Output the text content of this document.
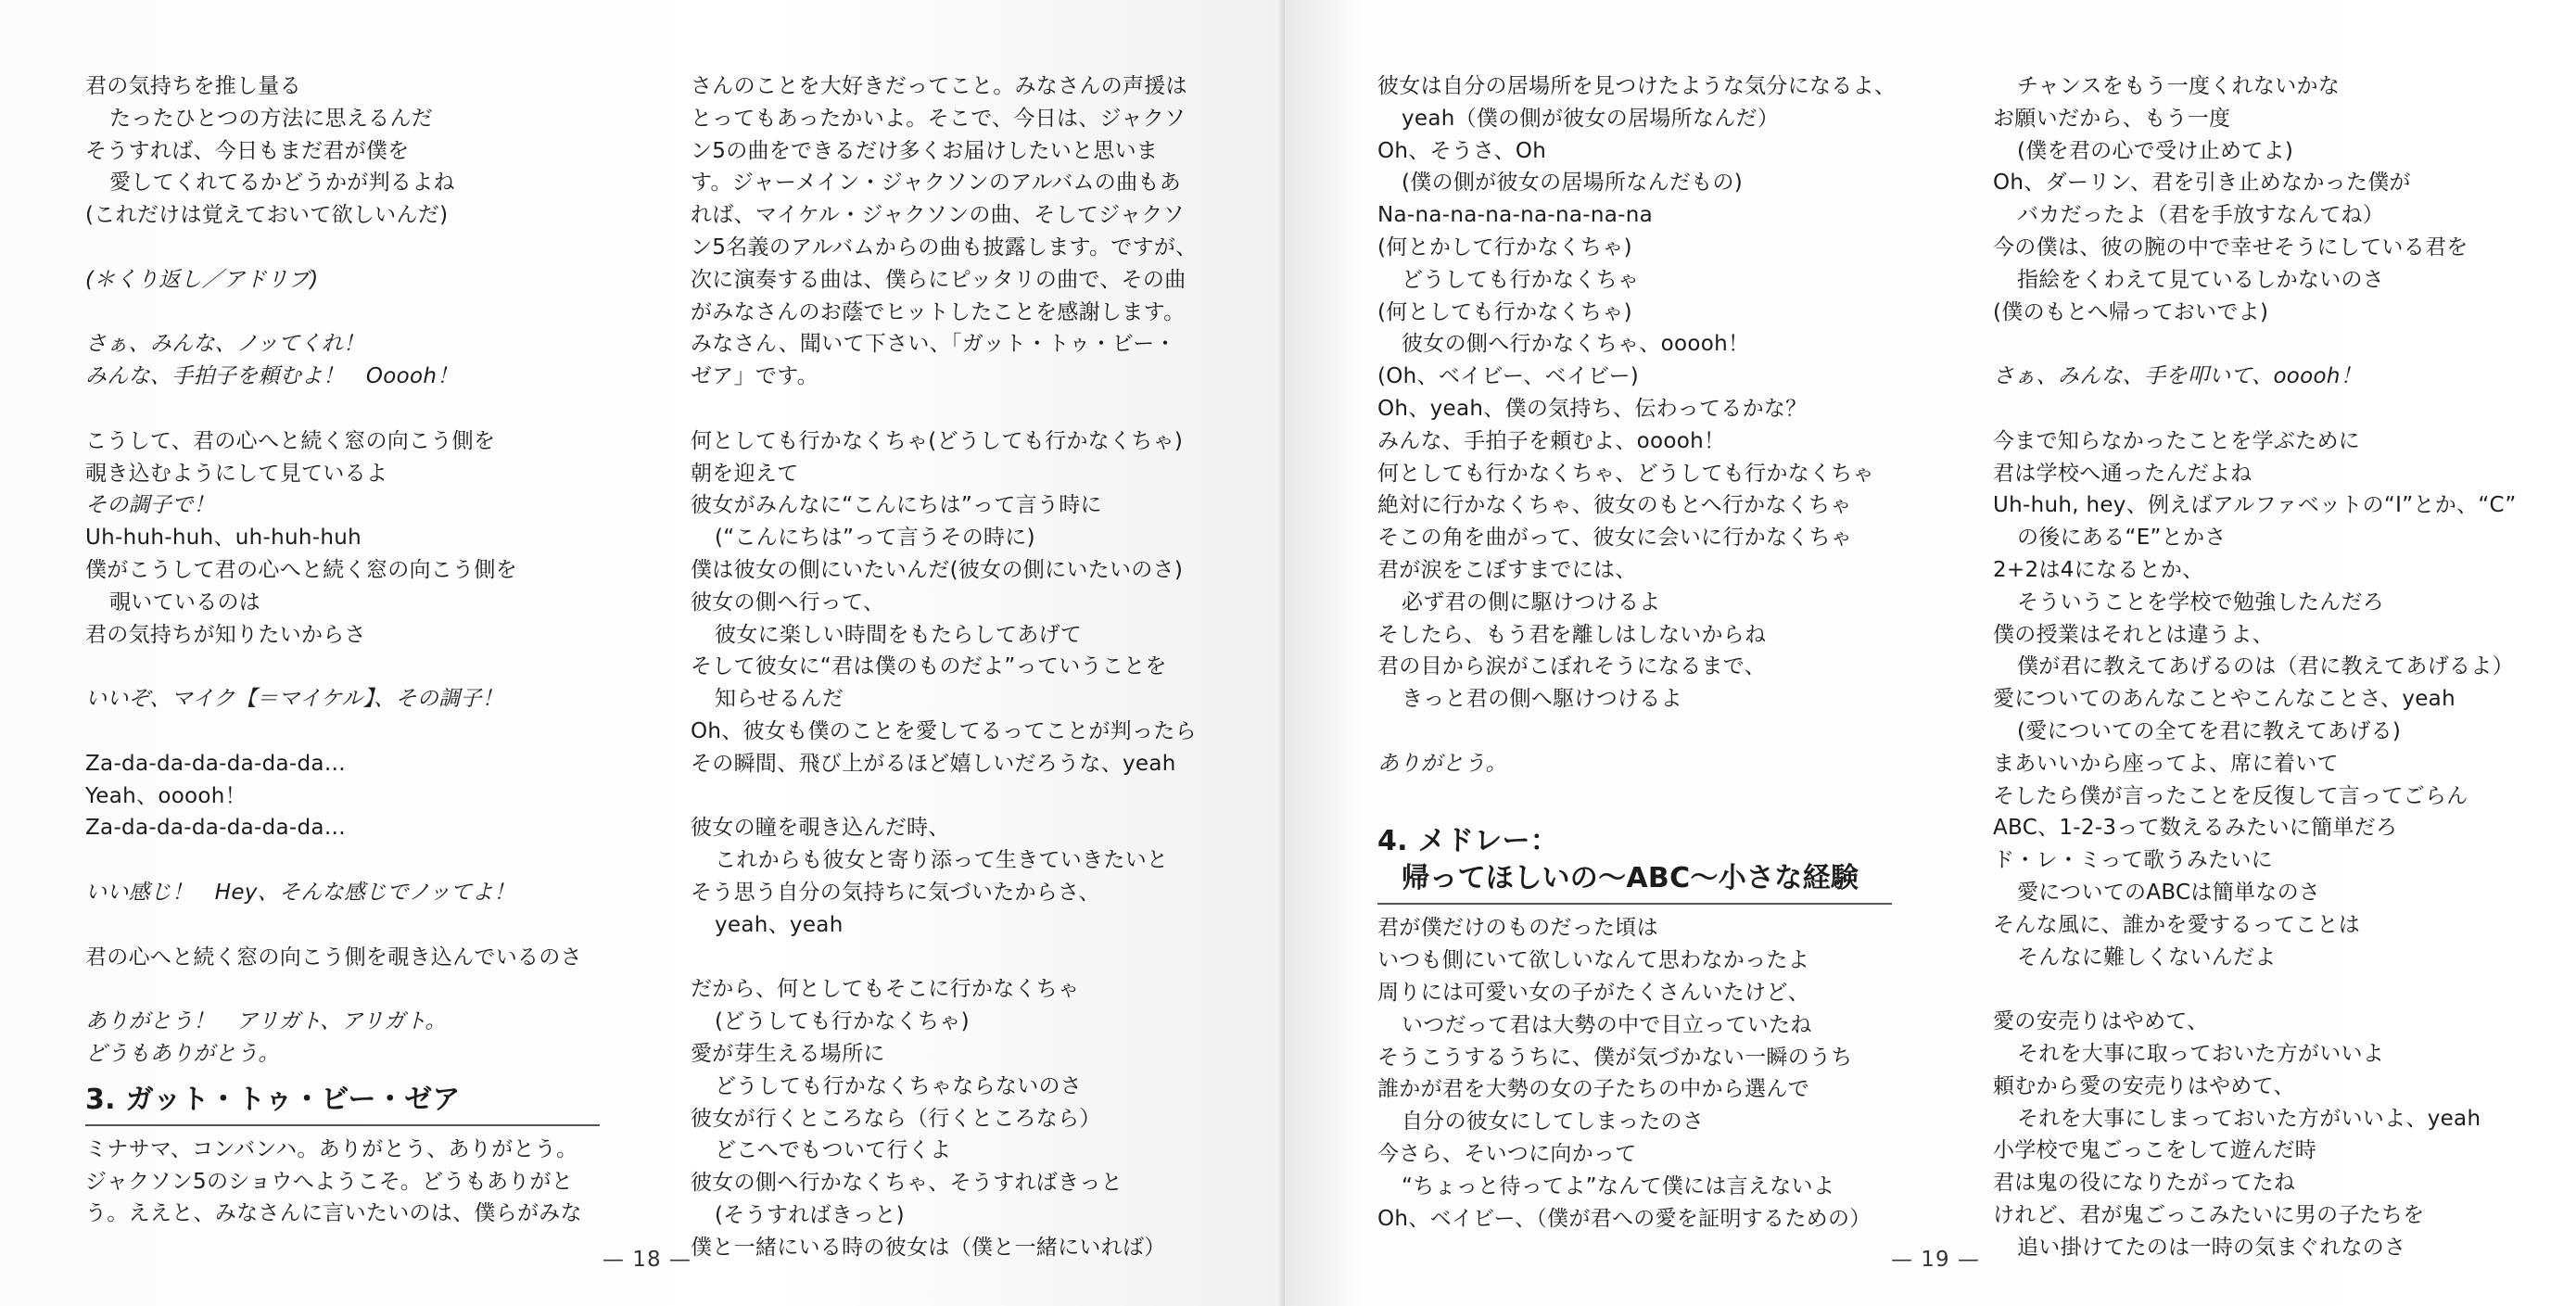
君の気持ちを推し量る
たったひとつの方法に思えるんだ
そうすれば、今日もまだ君が僕を
愛してくれてるかどうかが判るよね
(これだけは覚えておいて欲しいんだ)
(＊くり返し／アドリブ)
さぁ、みんな、ノッてくれ！
みんな、手拍子を頼むよ！　Ooooh！
こうして、君の心へと続く窓の向こう側を
覗き込むようにして見ているよ
その調子で！
Uh-huh-huh、uh-huh-huh
僕がこうして君の心へと続く窓の向こう側を
覗いているのは
君の気持ちが知りたいからさ
いいぞ、マイク【＝マイケル】、その調子！
Za-da-da-da-da-da-da…
Yeah、ooooh！
Za-da-da-da-da-da-da…
いい感じ！　Hey、そんな感じでノッてよ！
君の心へと続く窓の向こう側を覗き込んでいるのさ
ありがとう！　アリガト、アリガト。
どうもありがとう。
3. ガット・トゥ・ビー・ゼア
ミナサマ、コンバンハ。ありがとう、ありがとう。
ジャクソン5のショウへようこそ。どうもありがと
う。ええと、みなさんに言いたいのは、僕らがみな
さんのことを大好きだってこと。みなさんの声援は
とってもあったかいよ。そこで、今日は、ジャクソ
ン5の曲をできるだけ多くお届けしたいと思いま
す。ジャーメイン・ジャクソンのアルバムの曲もあ
れば、マイケル・ジャクソンの曲、そしてジャクソ
ン5名義のアルバムからの曲も披露します。ですが、
次に演奏する曲は、僕らにピッタリの曲で、その曲
がみなさんのお蔭でヒットしたことを感謝します。
みなさん、聞いて下さい、「ガット・トゥ・ビー・
ゼア」です。
何としても行かなくちゃ(どうしても行かなくちゃ)
朝を迎えて
彼女がみんなに“こんにちは”って言う時に
(“こんにちは”って言うその時に)
僕は彼女の側にいたいんだ(彼女の側にいたいのさ)
彼女の側へ行って、
彼女に楽しい時間をもたらしてあげて
そして彼女に“君は僕のものだよ”っていうことを
知らせるんだ
Oh、彼女も僕のことを愛してるってことが判ったら
その瞬間、飛び上がるほど嬉しいだろうな、yeah
彼女の瞳を覗き込んだ時、
これからも彼女と寄り添って生きていきたいと
そう思う自分の気持ちに気づいたからさ、
yeah、yeah
だから、何としてもそこに行かなくちゃ
(どうしても行かなくちゃ)
愛が芽生える場所に
どうしても行かなくちゃならないのさ
彼女が行くところなら（行くところなら）
どこへでもついて行くよ
彼女の側へ行かなくちゃ、そうすればきっと
(そうすればきっと)
僕と一緒にいる時の彼女は（僕と一緒にいれば）
— 18 —
彼女は自分の居場所を見つけたような気分になるよ、
yeah（僕の側が彼女の居場所なんだ）
Oh、そうさ、Oh
(僕の側が彼女の居場所なんだもの)
Na-na-na-na-na-na-na-na
(何とかして行かなくちゃ)
どうしても行かなくちゃ
(何としても行かなくちゃ)
彼女の側へ行かなくちゃ、ooooh！
(Oh、ベイビー、ベイビー)
Oh、yeah、僕の気持ち、伝わってるかな？
みんな、手拍子を頼むよ、ooooh！
何としても行かなくちゃ、どうしても行かなくちゃ
絶対に行かなくちゃ、彼女のもとへ行かなくちゃ
そこの角を曲がって、彼女に会いに行かなくちゃ
君が涙をこぼすまでには、
必ず君の側に駆けつけるよ
そしたら、もう君を離しはしないからね
君の目から涙がこぼれそうになるまで、
きっと君の側へ駆けつけるよ
ありがとう。
4. メドレー：
帰ってほしいの〜ABC〜小さな経験
君が僕だけのものだった頃は
いつも側にいて欲しいなんて思わなかったよ
周りには可愛い女の子がたくさんいたけど、
いつだって君は大勢の中で目立っていたね
そうこうするうちに、僕が気づかない一瞬のうち
誰かが君を大勢の女の子たちの中から選んで
自分の彼女にしてしまったのさ
今さら、そいつに向かって
“ちょっと待ってよ”なんて僕には言えないよ
Oh、ベイビー、（僕が君への愛を証明するための）
チャンスをもう一度くれないかな
お願いだから、もう一度
(僕を君の心で受け止めてよ)
Oh、ダーリン、君を引き止めなかった僕が
バカだったよ（君を手放すなんてね）
今の僕は、彼の腕の中で幸せそうにしている君を
指絵をくわえて見ているしかないのさ
(僕のもとへ帰っておいでよ)
さぁ、みんな、手を叩いて、ooooh！
今まで知らなかったことを学ぶために
君は学校へ通ったんだよね
Uh-huh, hey、例えばアルファベットの“I”とか、“C”
の後にある“E”とかさ
2+2は4になるとか、
そういうことを学校で勉強したんだろ
僕の授業はそれとは違うよ、
僕が君に教えてあげるのは（君に教えてあげるよ）
愛についてのあんなことやこんなことさ、yeah
(愛についての全てを君に教えてあげる)
まあいいから座ってよ、席に着いて
そしたら僕が言ったことを反復して言ってごらん
ABC、1-2-3って数えるみたいに簡単だろ
ド・レ・ミって歌うみたいに
愛についてのABCは簡単なのさ
そんな風に、誰かを愛するってことは
そんなに難しくないんだよ
愛の安売りはやめて、
それを大事に取っておいた方がいいよ
頼むから愛の安売りはやめて、
それを大事にしまっておいた方がいいよ、yeah
小学校で鬼ごっこをして遊んだ時
君は鬼の役になりたがってたね
けれど、君が鬼ごっこみたいに男の子たちを
追い掛けてたのは一時の気まぐれなのさ
— 19 —
